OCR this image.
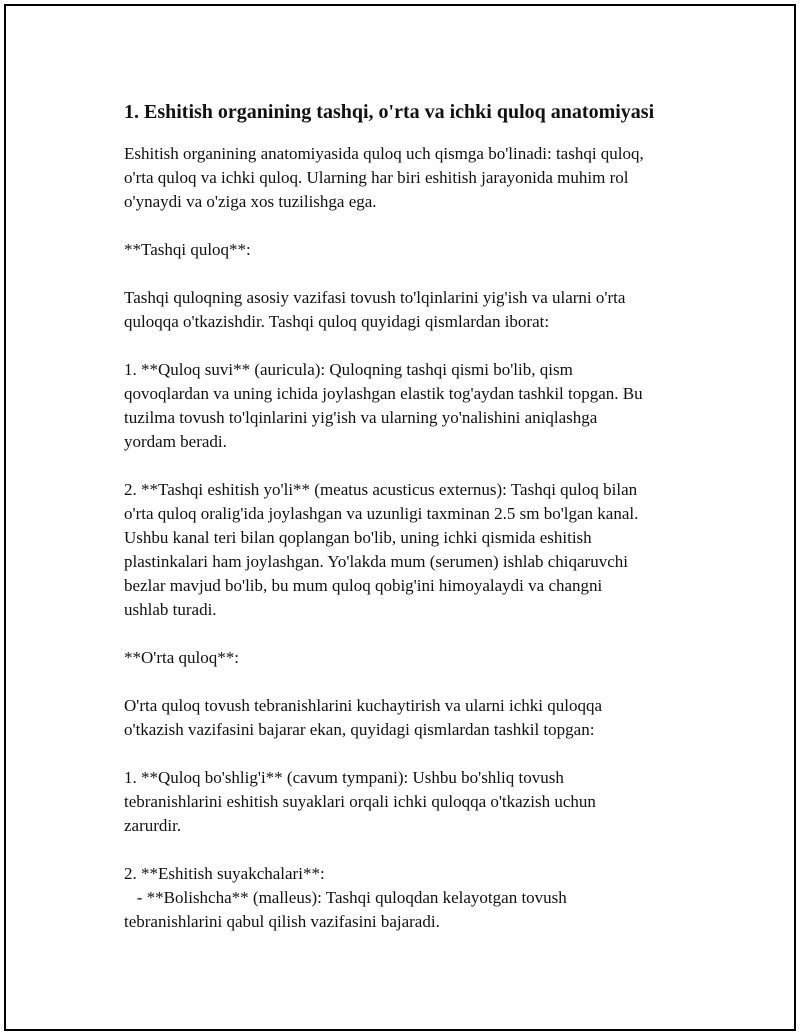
1. Eshitish organining tashqi, o'rta va ichki quloq anatomiyasi

Eshitish organining anatomiyasida quloq uch qismga bo'linadi: tashqi quloq,
o'rta quloq va ichki quloq. Ularning har biri eshitish jarayonida muhim rol
o'ynaydi va o'ziga xos tuzilishga ega.

**Tashqi quloq**:

Tashqi quloqning asosiy vazifasi tovush to'lqinlarini yig'ish va ularni o'rta
quloqqa o'tkazishdir. Tashqi quloq quyidagi qismlardan iborat:

1. **Quloq suvi** (auricula): Quloqning tashqi qismi bo'lib, qism
qovoqlardan va uning ichida joylashgan elastik tog'aydan tashkil topgan. Bu
tuzilma tovush to'lqinlarini yig'ish va ularning yo'nalishini aniqlashga
yordam beradi.

2. **Tashqi eshitish yo'li** (meatus acusticus externus): Tashqi quloq bilan
o'rta quloq oralig'ida joylashgan va uzunligi taxminan 2.5 sm bo'lgan kanal.
Ushbu kanal teri bilan qoplangan bo'lib, uning ichki qismida eshitish
plastinkalari ham joylashgan. Yo'lakda mum (serumen) ishlab chiqaruvchi
bezlar mavjud bo'lib, bu mum quloq qobig'ini himoyalaydi va changni
ushlab turadi.

**O'rta quloq**:

O'rta quloq tovush tebranishlarini kuchaytirish va ularni ichki quloqqa
o'tkazish vazifasini bajarar ekan, quyidagi qismlardan tashkil topgan:

1. **Quloq bo'shlig'i** (cavum tympani): Ushbu bo'shliq tovush
tebranishlarini eshitish suyaklari orqali ichki quloqqa o'tkazish uchun
zarurdir.

2. **Eshitish suyakchalari**:
- **Bolishcha** (malleus): Tashqi quloqdan kelayotgan tovush
tebranishlarini qabul qilish vazifasini bajaradi.
